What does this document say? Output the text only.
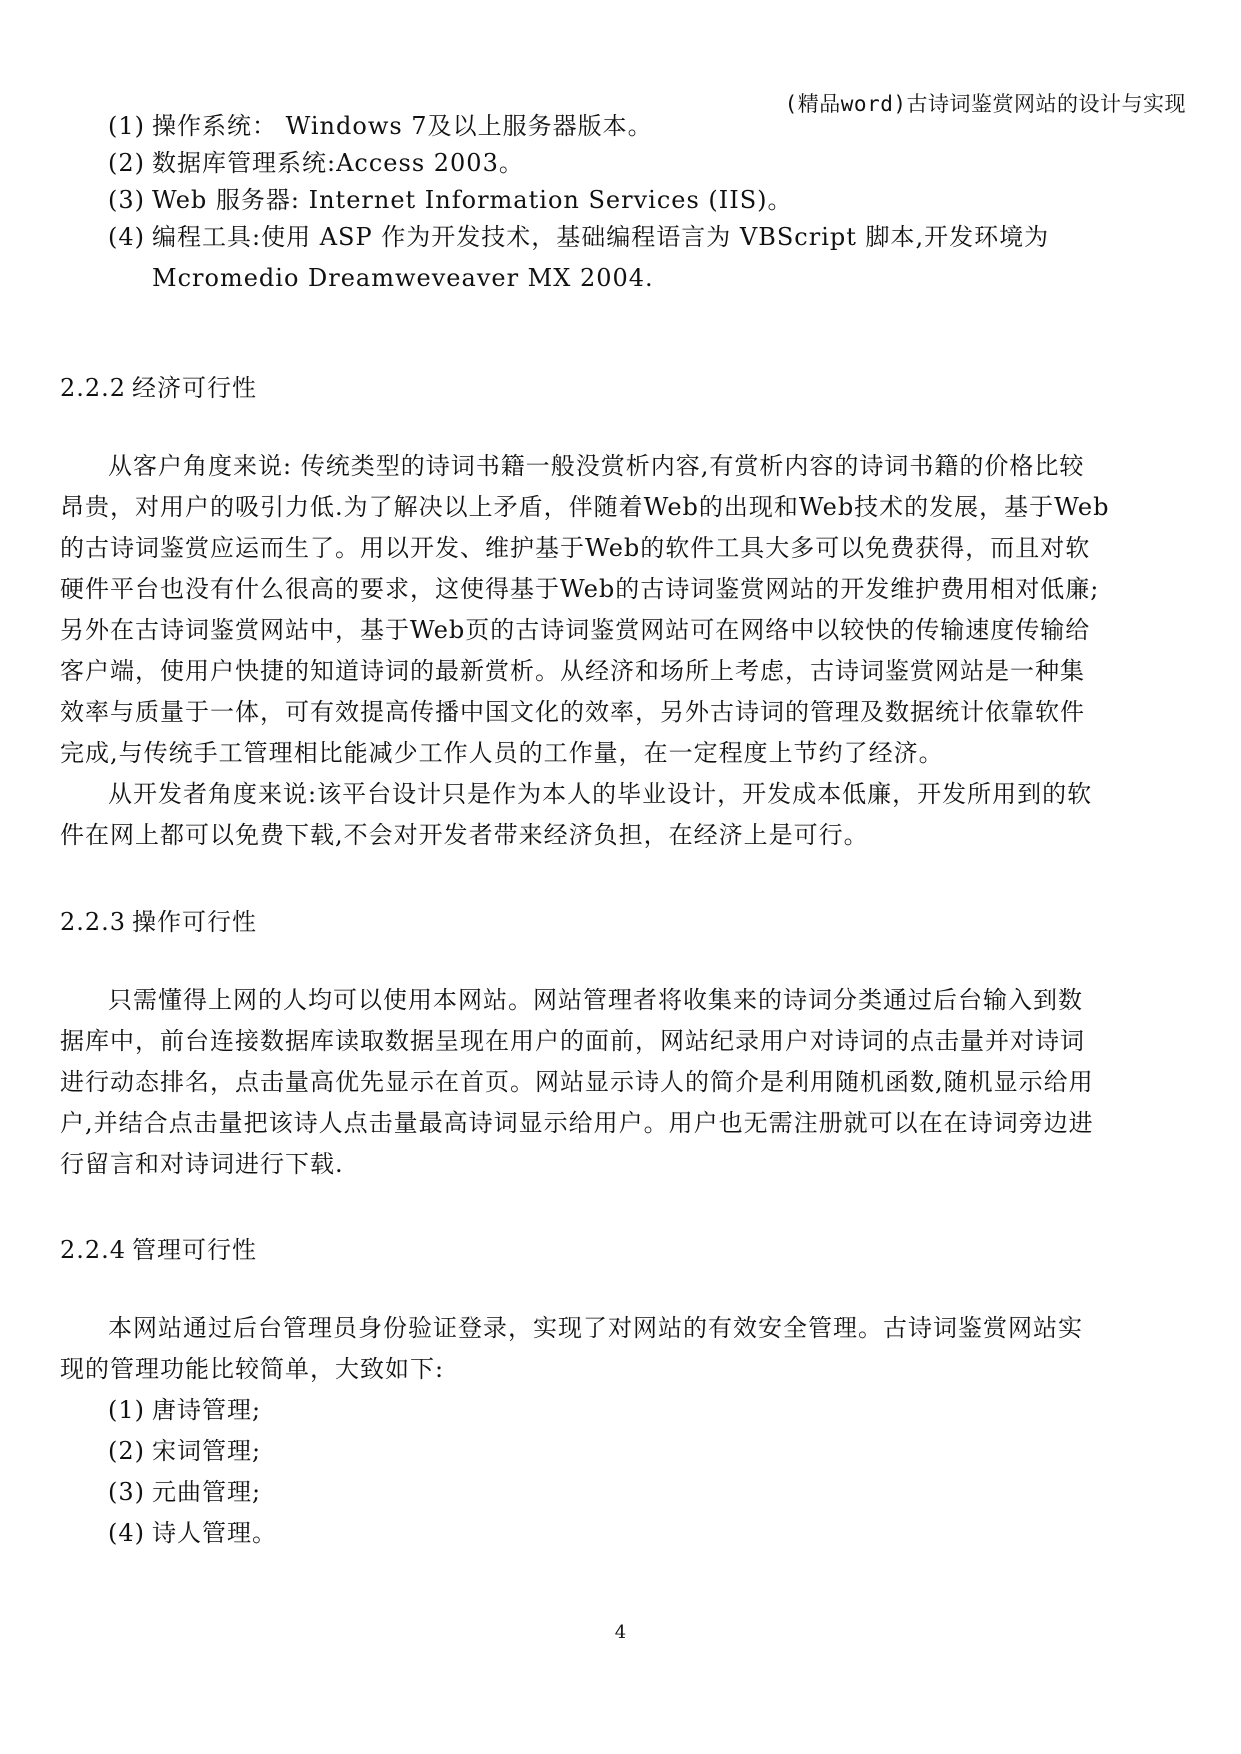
(精品word)古诗词鉴赏网站的设计与实现
(1) 操作系统： Windows 7及以上服务器版本。
(2) 数据库管理系统:Access 2003。
(3) Web 服务器: Internet Information Services (IIS)。
(4) 编程工具:使用 ASP 作为开发技术，基础编程语言为 VBScript 脚本,开发环境为
Mcromedio Dreamweveaver MX 2004.
2.2.2 经济可行性
从客户角度来说: 传统类型的诗词书籍一般没赏析内容,有赏析内容的诗词书籍的价格比较
昂贵，对用户的吸引力低.为了解决以上矛盾，伴随着Web的出现和Web技术的发展，基于Web
的古诗词鉴赏应运而生了。用以开发、维护基于Web的软件工具大多可以免费获得，而且对软
硬件平台也没有什么很高的要求，这使得基于Web的古诗词鉴赏网站的开发维护费用相对低廉;
另外在古诗词鉴赏网站中，基于Web页的古诗词鉴赏网站可在网络中以较快的传输速度传输给
客户端，使用户快捷的知道诗词的最新赏析。从经济和场所上考虑，古诗词鉴赏网站是一种集
效率与质量于一体，可有效提高传播中国文化的效率，另外古诗词的管理及数据统计依靠软件
完成,与传统手工管理相比能减少工作人员的工作量，在一定程度上节约了经济。
从开发者角度来说:该平台设计只是作为本人的毕业设计，开发成本低廉，开发所用到的软
件在网上都可以免费下载,不会对开发者带来经济负担，在经济上是可行。
2.2.3 操作可行性
只需懂得上网的人均可以使用本网站。网站管理者将收集来的诗词分类通过后台输入到数
据库中，前台连接数据库读取数据呈现在用户的面前，网站纪录用户对诗词的点击量并对诗词
进行动态排名，点击量高优先显示在首页。网站显示诗人的简介是利用随机函数,随机显示给用
户,并结合点击量把该诗人点击量最高诗词显示给用户。用户也无需注册就可以在在诗词旁边进
行留言和对诗词进行下载.
2.2.4 管理可行性
本网站通过后台管理员身份验证登录，实现了对网站的有效安全管理。古诗词鉴赏网站实
现的管理功能比较简单，大致如下:
(1) 唐诗管理;
(2) 宋词管理;
(3) 元曲管理;
(4) 诗人管理。
4
